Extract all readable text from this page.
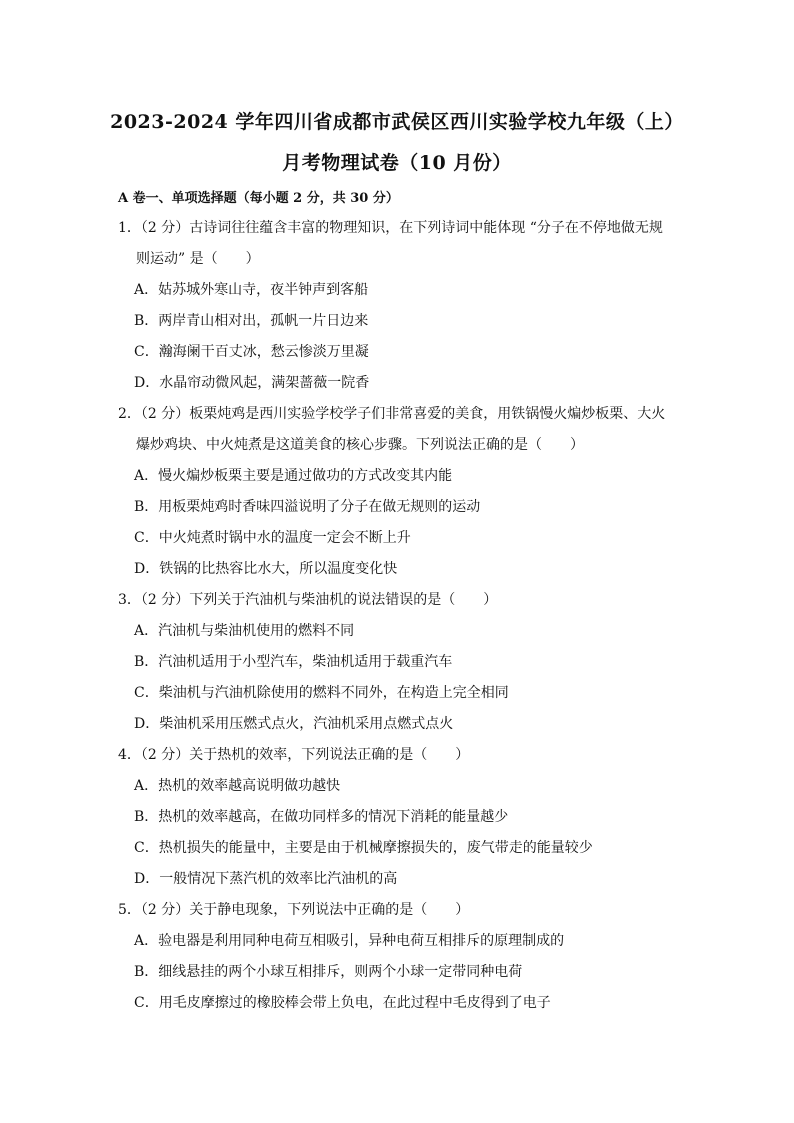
2023-2024 学年四川省成都市武侯区西川实验学校九年级（上）
月考物理试卷（10 月份）
A 卷一、单项选择题（每小题 2 分，共 30 分）
1．（2 分）古诗词往往蕴含丰富的物理知识，在下列诗词中能体现 “分子在不停地做无规
则运动” 是（　　）
A．姑苏城外寒山寺，夜半钟声到客船
B．两岸青山相对出，孤帆一片日边来
C．瀚海阑干百丈冰，愁云惨淡万里凝
D．水晶帘动微风起，满架蔷薇一院香
2．（2 分）板栗炖鸡是西川实验学校学子们非常喜爱的美食，用铁锅慢火煸炒板栗、大火
爆炒鸡块、中火炖煮是这道美食的核心步骤。下列说法正确的是（　　）
A．慢火煸炒板栗主要是通过做功的方式改变其内能
B．用板栗炖鸡时香味四溢说明了分子在做无规则的运动
C．中火炖煮时锅中水的温度一定会不断上升
D．铁锅的比热容比水大，所以温度变化快
3．（2 分）下列关于汽油机与柴油机的说法错误的是（　　）
A．汽油机与柴油机使用的燃料不同
B．汽油机适用于小型汽车，柴油机适用于载重汽车
C．柴油机与汽油机除使用的燃料不同外，在构造上完全相同
D．柴油机采用压燃式点火，汽油机采用点燃式点火
4．（2 分）关于热机的效率，下列说法正确的是（　　）
A．热机的效率越高说明做功越快
B．热机的效率越高，在做功同样多的情况下消耗的能量越少
C．热机损失的能量中，主要是由于机械摩擦损失的，废气带走的能量较少
D．一般情况下蒸汽机的效率比汽油机的高
5．（2 分）关于静电现象，下列说法中正确的是（　　）
A．验电器是利用同种电荷互相吸引，异种电荷互相排斥的原理制成的
B．细线悬挂的两个小球互相排斥，则两个小球一定带同种电荷
C．用毛皮摩擦过的橡胶棒会带上负电，在此过程中毛皮得到了电子
